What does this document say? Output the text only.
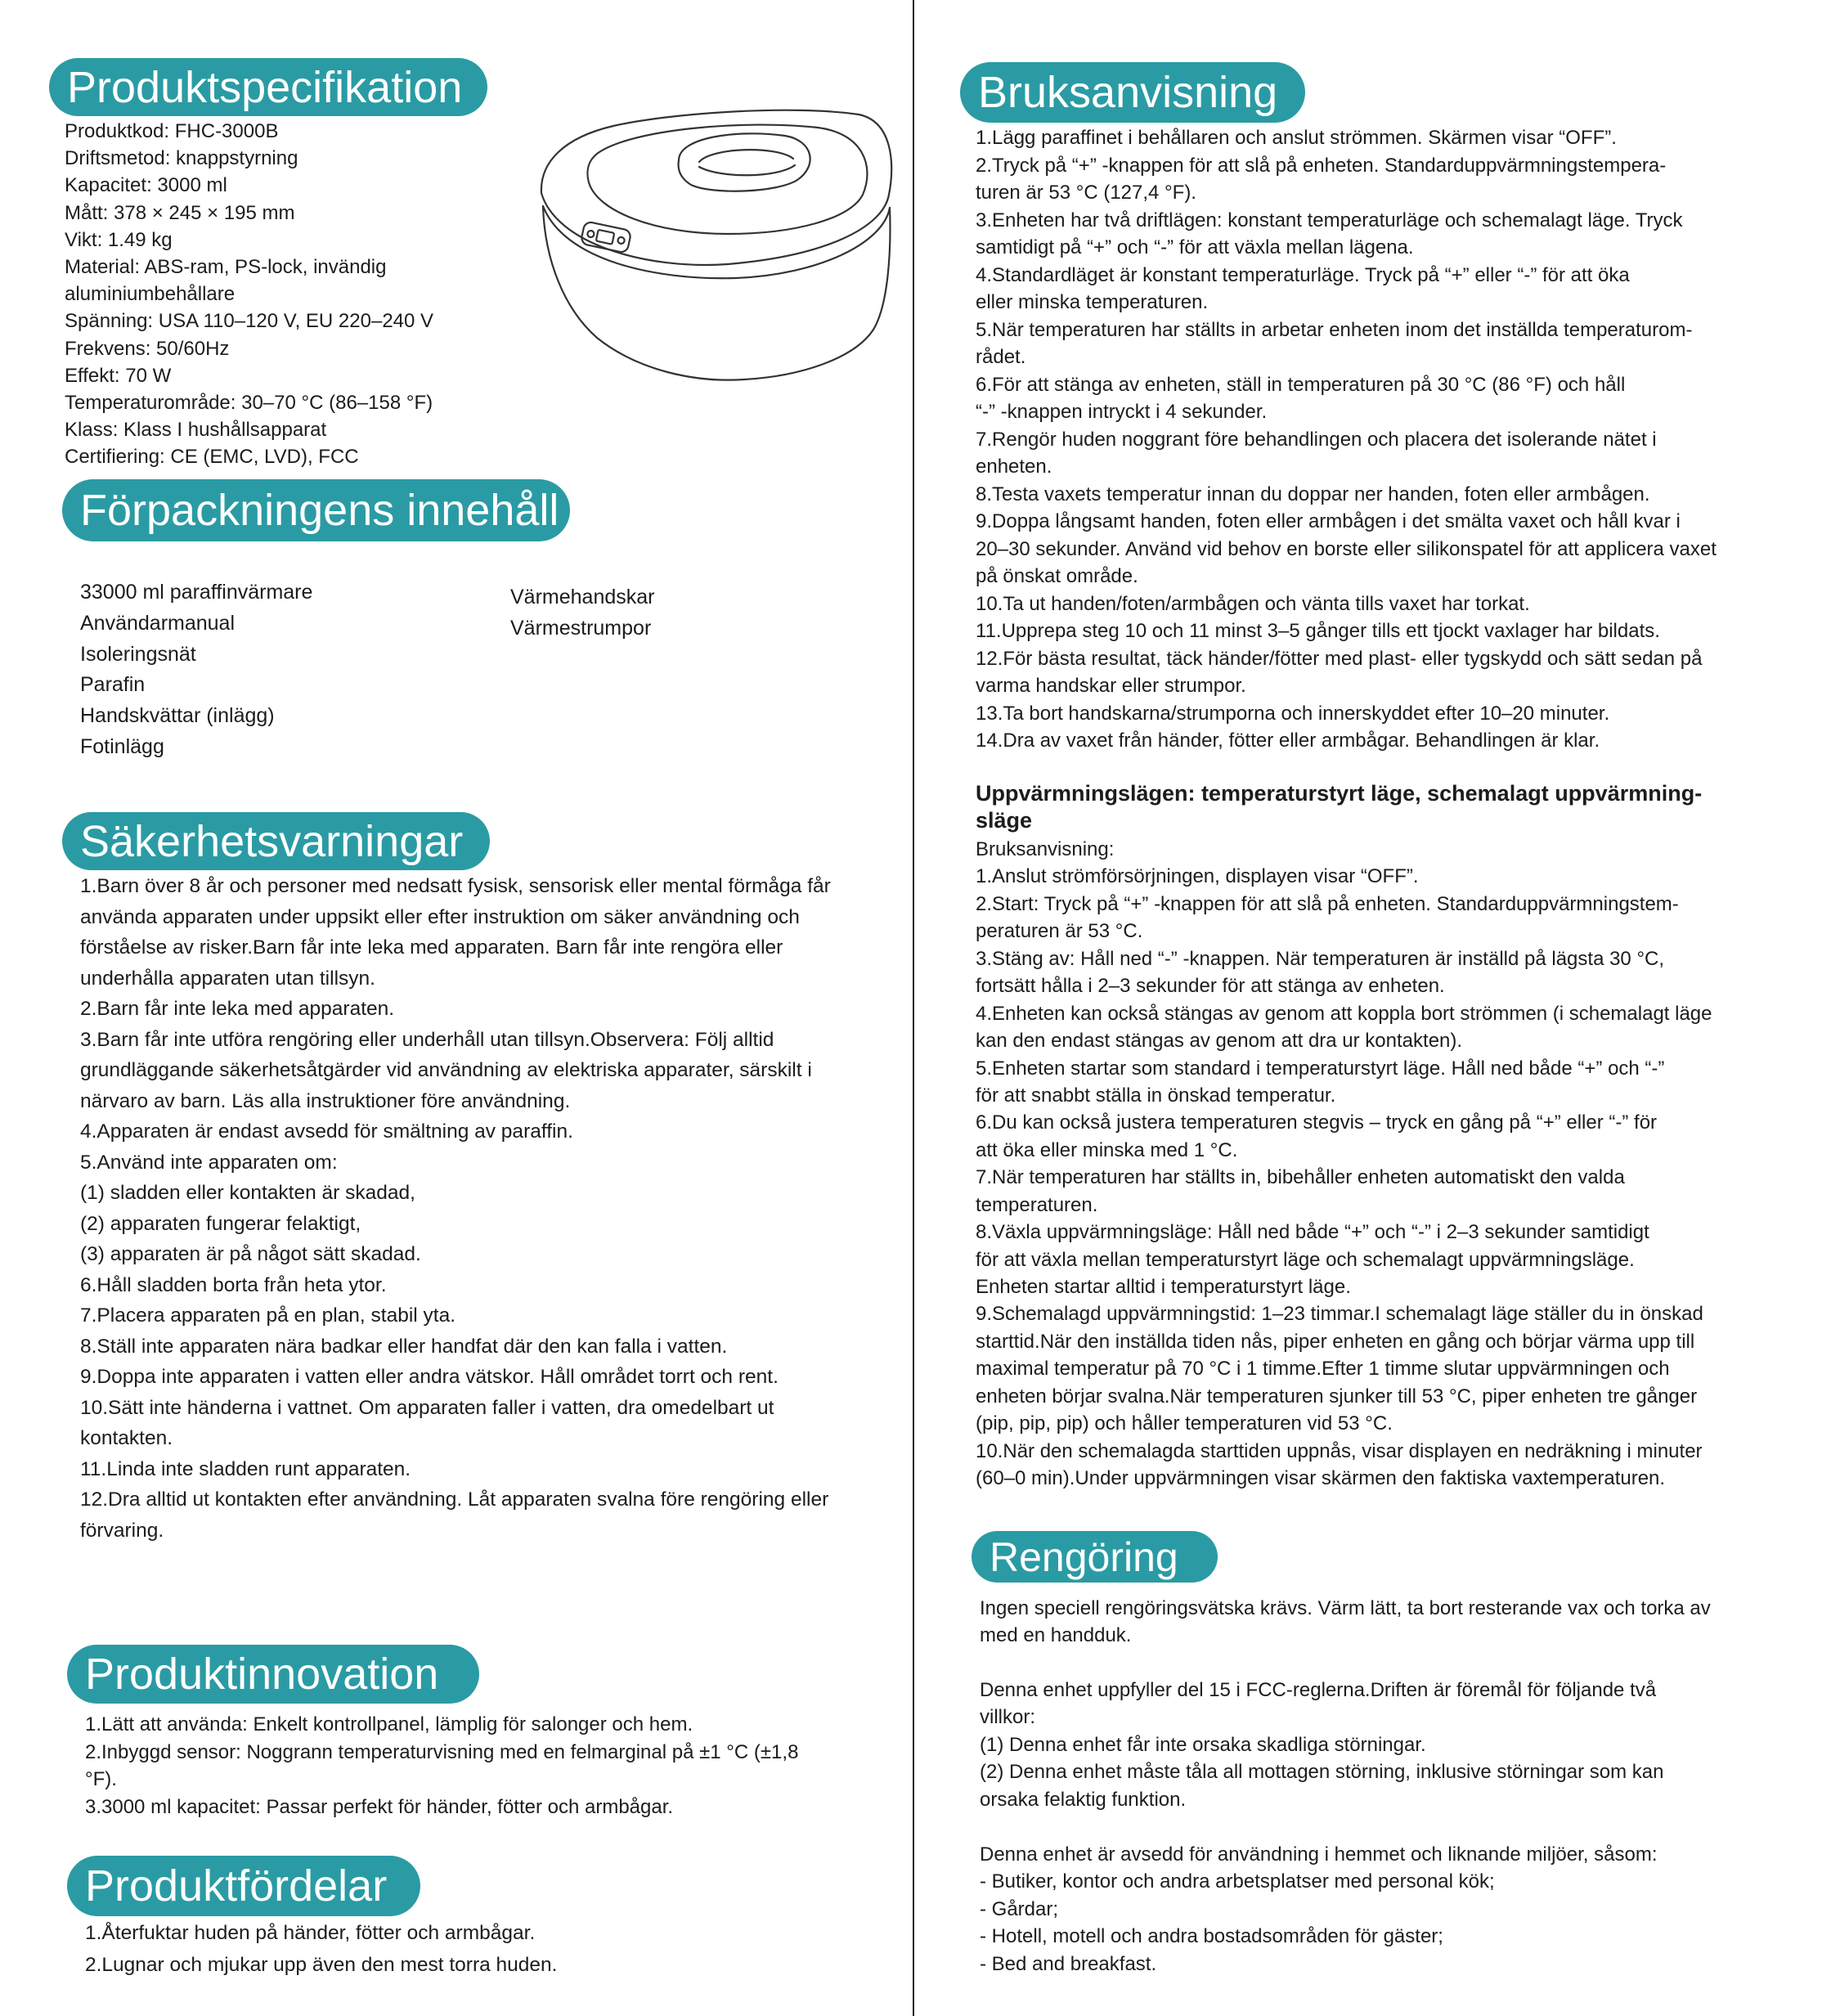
Produktspecifikation
Produktkod: FHC-3000B
Driftsmetod: knappstyrning
Kapacitet: 3000 ml
Mått: 378 × 245 × 195 mm
Vikt: 1.49 kg
Material: ABS-ram, PS-lock, invändig
aluminiumbehållare
Spänning: USA 110–120 V, EU 220–240 V
Frekvens: 50/60Hz
Effekt: 70 W
Temperaturområde: 30–70 °C (86–158 °F)
Klass: Klass I hushållsapparat
Certifiering: CE (EMC, LVD), FCC
Förpackningens innehåll
33000 ml paraffinvärmare
Användarmanual
Isoleringsnät
Parafin
Handskvättar (inlägg)
Fotinlägg
Värmehandskar
Värmestrumpor
Säkerhetsvarningar
1.Barn över 8 år och personer med nedsatt fysisk, sensorisk eller mental förmåga får
använda apparaten under uppsikt eller efter instruktion om säker användning och
förståelse av risker.Barn får inte leka med apparaten. Barn får inte rengöra eller
underhålla apparaten utan tillsyn.
2.Barn får inte leka med apparaten.
3.Barn får inte utföra rengöring eller underhåll utan tillsyn.Observera: Följ alltid
grundläggande säkerhetsåtgärder vid användning av elektriska apparater, särskilt i
närvaro av barn. Läs alla instruktioner före användning.
4.Apparaten är endast avsedd för smältning av paraffin.
5.Använd inte apparaten om:
(1) sladden eller kontakten är skadad,
(2) apparaten fungerar felaktigt,
(3) apparaten är på något sätt skadad.
6.Håll sladden borta från heta ytor.
7.Placera apparaten på en plan, stabil yta.
8.Ställ inte apparaten nära badkar eller handfat där den kan falla i vatten.
9.Doppa inte apparaten i vatten eller andra vätskor. Håll området torrt och rent.
10.Sätt inte händerna i vattnet. Om apparaten faller i vatten, dra omedelbart ut
kontakten.
11.Linda inte sladden runt apparaten.
12.Dra alltid ut kontakten efter användning. Låt apparaten svalna före rengöring eller
förvaring.
Produktinnovation
1.Lätt att använda: Enkelt kontrollpanel, lämplig för salonger och hem.
2.Inbyggd sensor: Noggrann temperaturvisning med en felmarginal på ±1 °C (±1,8
°F).
3.3000 ml kapacitet: Passar perfekt för händer, fötter och armbågar.
Produktfördelar
1.Återfuktar huden på händer, fötter och armbågar.
2.Lugnar och mjukar upp även den mest torra huden.
Bruksanvisning
1.Lägg paraffinet i behållaren och anslut strömmen. Skärmen visar “OFF”.
2.Tryck på “+” -knappen för att slå på enheten. Standarduppvärmningstempera-
turen är 53 °C (127,4 °F).
3.Enheten har två driftlägen: konstant temperaturläge och schemalagt läge. Tryck
samtidigt på “+” och “-” för att växla mellan lägena.
4.Standardläget är konstant temperaturläge. Tryck på “+” eller “-” för att öka
eller minska temperaturen.
5.När temperaturen har ställts in arbetar enheten inom det inställda temperaturom-
rådet.
6.För att stänga av enheten, ställ in temperaturen på 30 °C (86 °F) och håll
“-” -knappen intryckt i 4 sekunder.
7.Rengör huden noggrant före behandlingen och placera det isolerande nätet i
enheten.
8.Testa vaxets temperatur innan du doppar ner handen, foten eller armbågen.
9.Doppa långsamt handen, foten eller armbågen i det smälta vaxet och håll kvar i
20–30 sekunder. Använd vid behov en borste eller silikonspatel för att applicera vaxet
på önskat område.
10.Ta ut handen/foten/armbågen och vänta tills vaxet har torkat.
11.Upprepa steg 10 och 11 minst 3–5 gånger tills ett tjockt vaxlager har bildats.
12.För bästa resultat, täck händer/fötter med plast- eller tygskydd och sätt sedan på
varma handskar eller strumpor.
13.Ta bort handskarna/strumporna och innerskyddet efter 10–20 minuter.
14.Dra av vaxet från händer, fötter eller armbågar. Behandlingen är klar.
Uppvärmningslägen: temperaturstyrt läge, schemalagt uppvärmning-
släge
Bruksanvisning:
1.Anslut strömförsörjningen, displayen visar “OFF”.
2.Start: Tryck på “+” -knappen för att slå på enheten. Standarduppvärmningstem-
peraturen är 53 °C.
3.Stäng av: Håll ned “-” -knappen. När temperaturen är inställd på lägsta 30 °C,
fortsätt hålla i 2–3 sekunder för att stänga av enheten.
4.Enheten kan också stängas av genom att koppla bort strömmen (i schemalagt läge
kan den endast stängas av genom att dra ur kontakten).
5.Enheten startar som standard i temperaturstyrt läge. Håll ned både “+” och “-”
för att snabbt ställa in önskad temperatur.
6.Du kan också justera temperaturen stegvis – tryck en gång på “+” eller “-” för
att öka eller minska med 1 °C.
7.När temperaturen har ställts in, bibehåller enheten automatiskt den valda
temperaturen.
8.Växla uppvärmningsläge: Håll ned både “+” och “-” i 2–3 sekunder samtidigt
för att växla mellan temperaturstyrt läge och schemalagt uppvärmningsläge.
Enheten startar alltid i temperaturstyrt läge.
9.Schemalagd uppvärmningstid: 1–23 timmar.I schemalagt läge ställer du in önskad
starttid.När den inställda tiden nås, piper enheten en gång och börjar värma upp till
maximal temperatur på 70 °C i 1 timme.Efter 1 timme slutar uppvärmningen och
enheten börjar svalna.När temperaturen sjunker till 53 °C, piper enheten tre gånger
(pip, pip, pip) och håller temperaturen vid 53 °C.
10.När den schemalagda starttiden uppnås, visar displayen en nedräkning i minuter
(60–0 min).Under uppvärmningen visar skärmen den faktiska vaxtemperaturen.
Rengöring
Ingen speciell rengöringsvätska krävs. Värm lätt, ta bort resterande vax och torka av
med en handduk.
Denna enhet uppfyller del 15 i FCC-reglerna.Driften är föremål för följande två
villkor:
(1) Denna enhet får inte orsaka skadliga störningar.
(2) Denna enhet måste tåla all mottagen störning, inklusive störningar som kan
orsaka felaktig funktion.
Denna enhet är avsedd för användning i hemmet och liknande miljöer, såsom:
- Butiker, kontor och andra arbetsplatser med personal kök;
- Gårdar;
- Hotell, motell och andra bostadsområden för gäster;
- Bed and breakfast.
